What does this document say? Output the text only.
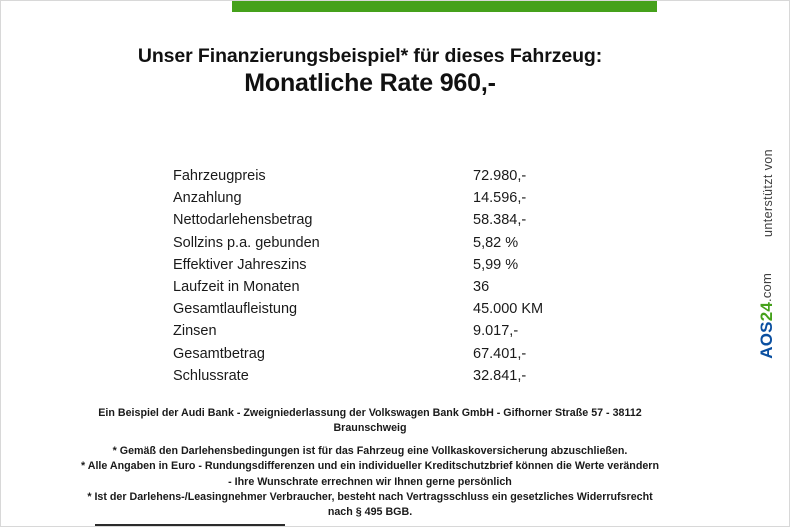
Unser Finanzierungsbeispiel* für dieses Fahrzeug:
Monatliche Rate 960,-
Fahrzeugpreis	72.980,-
Anzahlung	14.596,-
Nettodarlehensbetrag	58.384,-
Sollzins p.a. gebunden	5,82 %
Effektiver Jahreszins	5,99 %
Laufzeit in Monaten	36
Gesamtlaufleistung	45.000 KM
Zinsen	9.017,-
Gesamtbetrag	67.401,-
Schlussrate	32.841,-

Ein Beispiel der Audi Bank - Zweigniederlassung der Volkswagen Bank GmbH - Gifhorner Straße 57 - 38112

Braunschweig

* Gemäß den Darlehensbedingungen ist für das Fahrzeug eine Vollkaskoversicherung abzuschließen.

* Alle Angaben in Euro - Rundungsdifferenzen und ein individueller Kreditschutzbrief können die Werte verändern

- Ihre Wunschrate errechnen wir Ihnen gerne persönlich

* Ist der Darlehens-/Leasingnehmer Verbraucher, besteht nach Vertragsschluss ein gesetzliches Widerrufsrecht

nach § 495 BGB.

unterstützt von
AOS24.com
